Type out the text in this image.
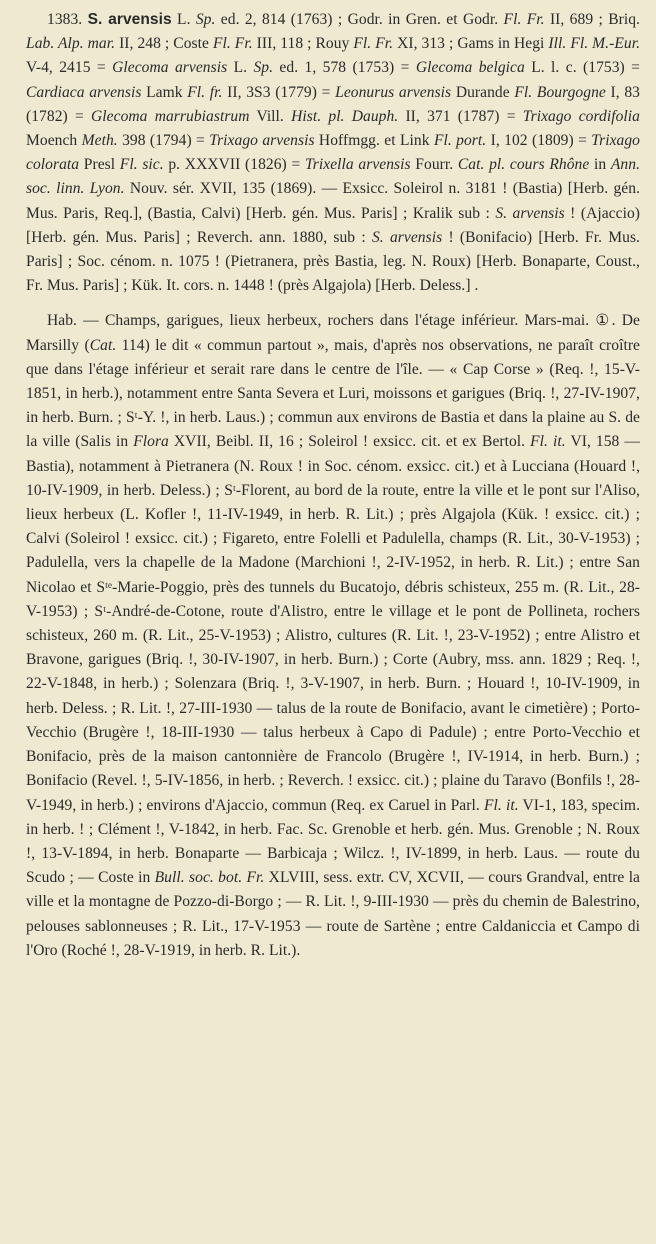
1383. S. arvensis L. Sp. ed. 2, 814 (1763) ; Godr. in Gren. et Godr. Fl. Fr. II, 689 ; Briq. Lab. Alp. mar. II, 248 ; Coste Fl. Fr. III, 118 ; Rouy Fl. Fr. XI, 313 ; Gams in Hegi Ill. Fl. M.-Eur. V-4, 2415 = Glecoma arvensis L. Sp. ed. 1, 578 (1753) = Glecoma belgica L. l. c. (1753) = Cardiaca arvensis Lamk Fl. fr. II, 3S3 (1779) = Leonurus arvensis Durande Fl. Bourgogne I, 83 (1782) = Glecoma marrubiastrum Vill. Hist. pl. Dauph. II, 371 (1787) = Trixago cordifolia Moench Meth. 398 (1794) = Trixago arvensis Hoffmgg. et Link Fl. port. I, 102 (1809) = Trixago colorata Presl Fl. sic. p. XXXVII (1826) = Trixella arvensis Fourr. Cat. pl. cours Rhône in Ann. soc. linn. Lyon. Nouv. sér. XVII, 135 (1869). — Exsicc. Soleirol n. 3181 ! (Bastia) [Herb. gén. Mus. Paris, Req.], (Bastia, Calvi) [Herb. gén. Mus. Paris] ; Kralik sub : S. arvensis ! (Ajaccio) [Herb. gén. Mus. Paris] ; Reverch. ann. 1880, sub : S. arvensis ! (Bonifacio) [Herb. Fr. Mus. Paris] ; Soc. cénom. n. 1075 ! (Pietranera, près Bastia, leg. N. Roux) [Herb. Bonaparte, Coust., Fr. Mus. Paris] ; Kük. It. cors. n. 1448 ! (près Algajola) [Herb. Deless.] .

Hab. — Champs, garigues, lieux herbeux, rochers dans l'étage inférieur. Mars-mai. ①. De Marsilly (Cat. 114) le dit « commun partout », mais, d'après nos observations, ne paraît croître que dans l'étage inférieur et serait rare dans le centre de l'île. — « Cap Corse » (Req. !, 15-V-1851, in herb.), notamment entre Santa Severa et Luri, moissons et garigues (Briq. !, 27-IV-1907, in herb. Burn. ; Sᵗ-Y. !, in herb. Laus.) ; commun aux environs de Bastia et dans la plaine au S. de la ville (Salis in Flora XVII, Beibl. II, 16 ; Soleirol ! exsicc. cit. et ex Bertol. Fl. it. VI, 158 — Bastia), notamment à Pietranera (N. Roux ! in Soc. cénom. exsicc. cit.) et à Lucciana (Houard !, 10-IV-1909, in herb. Deless.) ; Sᵗ-Florent, au bord de la route, entre la ville et le pont sur l'Aliso, lieux herbeux (L. Kofler !, 11-IV-1949, in herb. R. Lit.) ; près Algajola (Kük. ! exsicc. cit.) ; Calvi (Soleirol ! exsicc. cit.) ; Figareto, entre Folelli et Padulella, champs (R. Lit., 30-V-1953) ; Padulella, vers la chapelle de la Madone (Marchioni !, 2-IV-1952, in herb. R. Lit.) ; entre San Nicolao et Sᵗᵉ-Marie-Poggio, près des tunnels du Bucatojo, débris schisteux, 255 m. (R. Lit., 28-V-1953) ; Sᵗ-André-de-Cotone, route d'Alistro, entre le village et le pont de Pollineta, rochers schisteux, 260 m. (R. Lit., 25-V-1953) ; Alistro, cultures (R. Lit. !, 23-V-1952) ; entre Alistro et Bravone, garigues (Briq. !, 30-IV-1907, in herb. Burn.) ; Corte (Aubry, mss. ann. 1829 ; Req. !, 22-V-1848, in herb.) ; Solenzara (Briq. !, 3-V-1907, in herb. Burn. ; Houard !, 10-IV-1909, in herb. Deless. ; R. Lit. !, 27-III-1930 — talus de la route de Bonifacio, avant le cimetière) ; Porto-Vecchio (Brugère !, 18-III-1930 — talus herbeux à Capo di Padule) ; entre Porto-Vecchio et Bonifacio, près de la maison cantonnière de Francolo (Brugère !, IV-1914, in herb. Burn.) ; Bonifacio (Revel. !, 5-IV-1856, in herb. ; Reverch. ! exsicc. cit.) ; plaine du Taravo (Bonfils !, 28-V-1949, in herb.) ; environs d'Ajaccio, commun (Req. ex Caruel in Parl. Fl. it. VI-1, 183, specim. in herb. ! ; Clément !, V-1842, in herb. Fac. Sc. Grenoble et herb. gén. Mus. Grenoble ; N. Roux !, 13-V-1894, in herb. Bonaparte — Barbicaja ; Wilcz. !, IV-1899, in herb. Laus. — route du Scudo ; — Coste in Bull. soc. bot. Fr. XLVIII, sess. extr. CV, XCVII, — cours Grandval, entre la ville et la montagne de Pozzo-di-Borgo ; — R. Lit. !, 9-III-1930 — près du chemin de Balestrino, pelouses sablonneuses ; R. Lit., 17-V-1953 — route de Sartène ; entre Caldaniccia et Campo di l'Oro (Roché !, 28-V-1919, in herb. R. Lit.).
